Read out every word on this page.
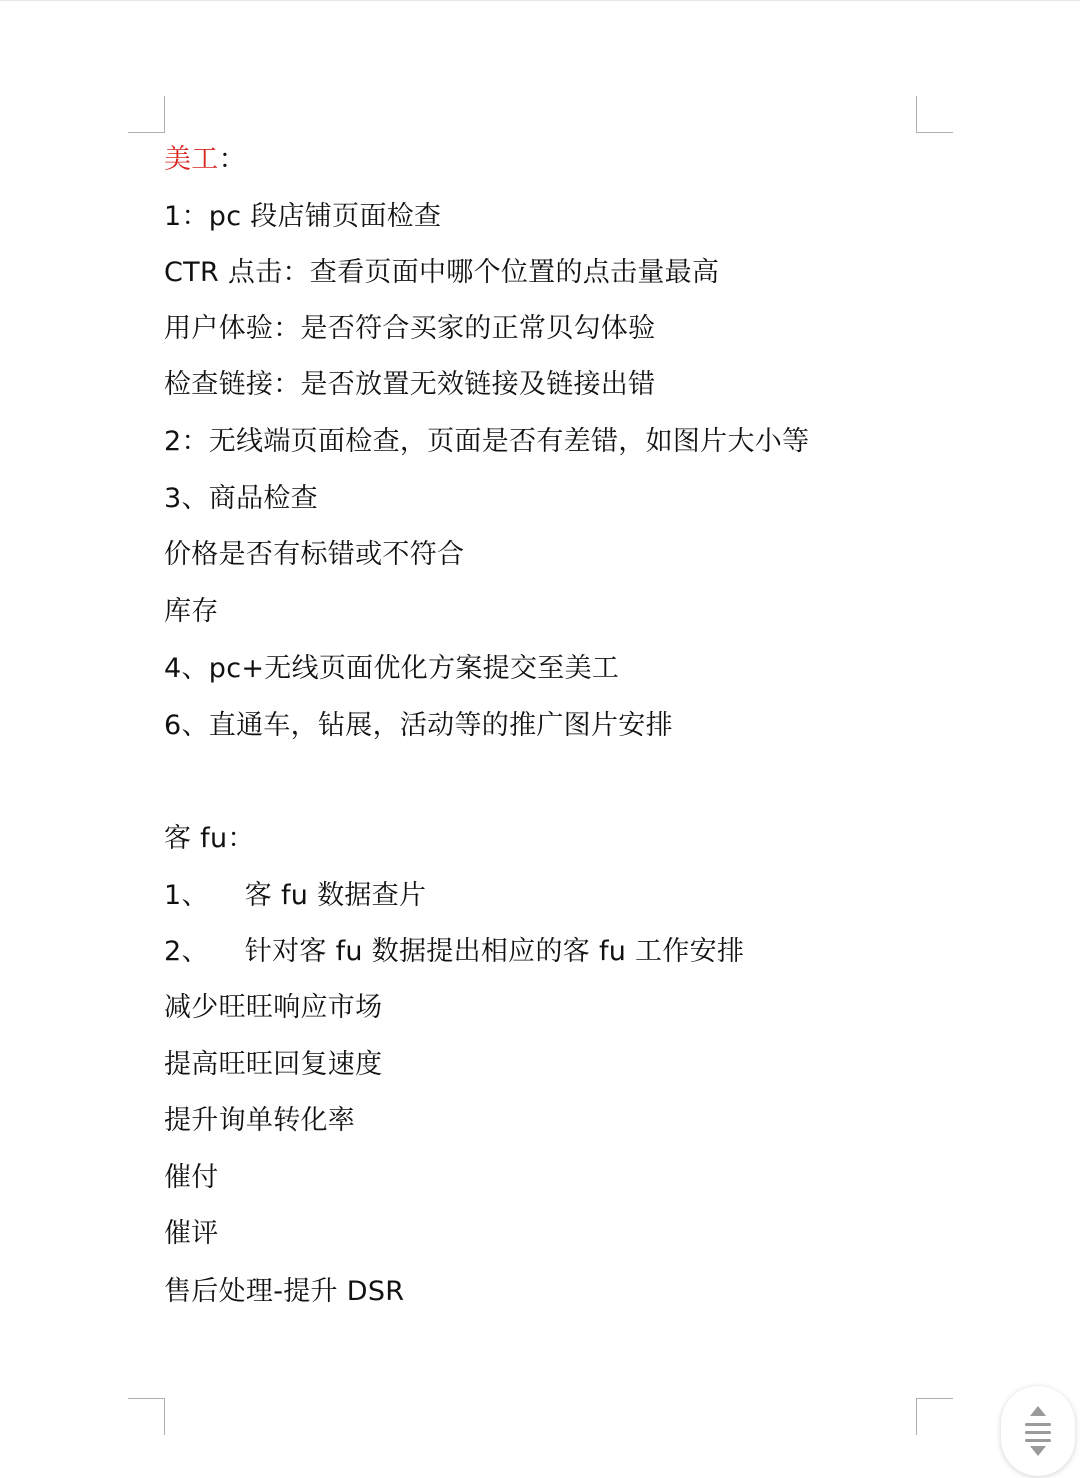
美工：
1：pc 段店铺页面检查
CTR 点击：查看页面中哪个位置的点击量最高
用户体验：是否符合买家的正常贝勾体验
检查链接：是否放置无效链接及链接出错
2：无线端页面检查，页面是否有差错，如图片大小等
3、商品检查
价格是否有标错或不符合
库存
4、pc+无线页面优化方案提交至美工
6、直通车，钻展，活动等的推广图片安排
客 fu：
1、 客 fu 数据查片
2、 针对客 fu 数据提出相应的客 fu 工作安排
减少旺旺响应市场
提高旺旺回复速度
提升询单转化率
催付
催评
售后处理-提升 DSR
